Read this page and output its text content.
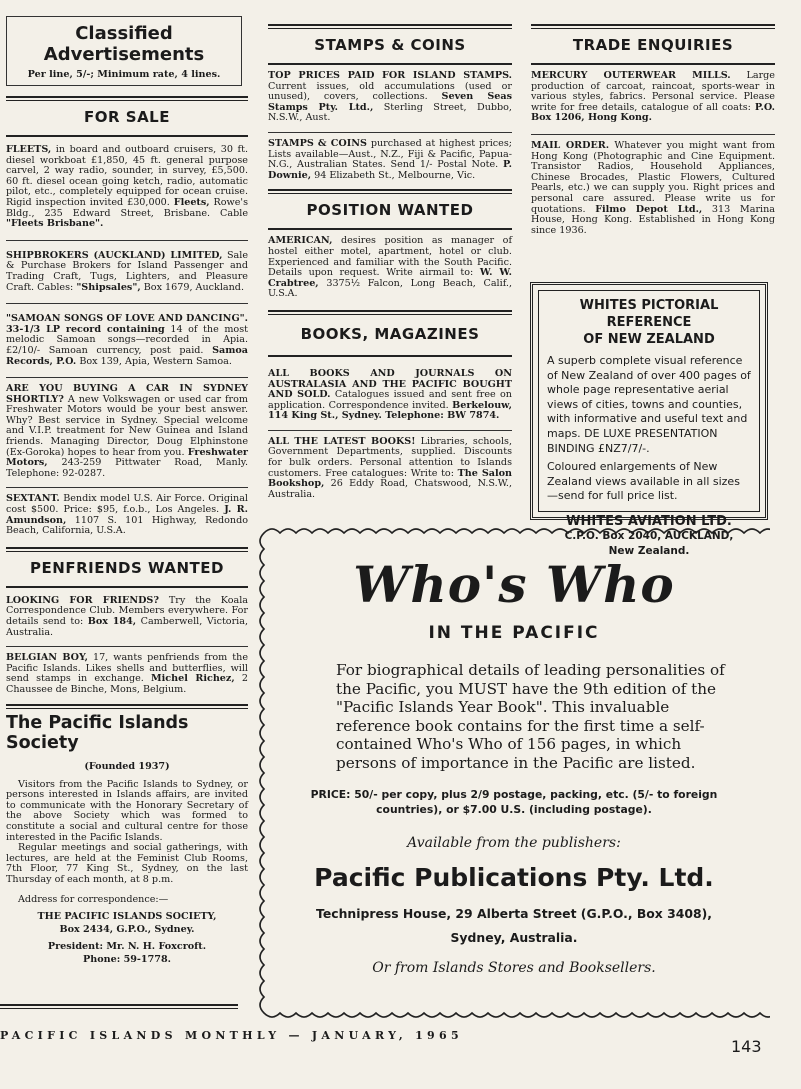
Classified Advertisements
Per line, 5/-; Minimum rate, 4 lines.
FOR SALE

FLEETS, in board and outboard cruisers, 30 ft. diesel workboat £1,850, 45 ft. general purpose carvel, 2 way radio, sounder, in survey, £5,500. 60 ft. diesel ocean going ketch, radio, automatic pilot, etc., completely equipped for ocean cruise. Rigid inspection invited £30,000. Fleets, Rowe's Bldg., 235 Edward Street, Brisbane. Cable "Fleets Brisbane".

SHIPBROKERS (AUCKLAND) LIMITED, Sale & Purchase Brokers for Island Passenger and Trading Craft, Tugs, Lighters, and Pleasure Craft. Cables: "Shipsales", Box 1679, Auckland.

"SAMOAN SONGS OF LOVE AND DANCING". 33-1/3 LP record containing 14 of the most melodic Samoan songs—recorded in Apia. £2/10/- Samoan currency, post paid. Samoa Records, P.O. Box 139, Apia, Western Samoa.

ARE YOU BUYING A CAR IN SYDNEY SHORTLY? A new Volkswagen or used car from Freshwater Motors would be your best answer. Why? Best service in Sydney. Special welcome and V.I.P. treatment for New Guinea and Island friends. Managing Director, Doug Elphinstone (Ex-Goroka) hopes to hear from you. Freshwater Motors, 243-259 Pittwater Road, Manly. Telephone: 92-0287.

SEXTANT. Bendix model U.S. Air Force. Original cost $500. Price: $95, f.o.b., Los Angeles. J. R. Amundson, 1107 S. 101 Highway, Redondo Beach, California, U.S.A.

PENFRIENDS WANTED

LOOKING FOR FRIENDS? Try the Koala Correspondence Club. Members everywhere. For details send to: Box 184, Camberwell, Victoria, Australia.

BELGIAN BOY, 17, wants penfriends from the Pacific Islands. Likes shells and butterflies, will send stamps in exchange. Michel Richez, 2 Chaussee de Binche, Mons, Belgium.

The Pacific Islands Society
(Founded 1937)

Visitors from the Pacific Islands to Sydney, or persons interested in Islands affairs, are invited to communicate with the Honorary Secretary of the above Society which was formed to constitute a social and cultural centre for those interested in the Pacific Islands.

Regular meetings and social gatherings, with lectures, are held at the Feminist Club Rooms, 7th Floor, 77 King St., Sydney, on the last Thursday of each month, at 8 p.m.

Address for correspondence:—

THE PACIFIC ISLANDS SOCIETY,

Box 2434, G.P.O., Sydney.

President: Mr. N. H. Foxcroft.

Phone: 59-1778.

STAMPS & COINS

TOP PRICES PAID FOR ISLAND STAMPS. Current issues, old accumulations (used or unused), covers, collections. Seven Seas Stamps Pty. Ltd., Sterling Street, Dubbo, N.S.W., Aust.

STAMPS & COINS purchased at highest prices; Lists available—Aust., N.Z., Fiji & Pacific, Papua-N.G., Australian States. Send 1/- Postal Note. P. Downie, 94 Elizabeth St., Melbourne, Vic.

POSITION WANTED

AMERICAN, desires position as manager of hostel either motel, apartment, hotel or club. Experienced and familiar with the South Pacific. Details upon request. Write airmail to: W. W. Crabtree, 3375½ Falcon, Long Beach, Calif., U.S.A.

BOOKS, MAGAZINES

ALL BOOKS AND JOURNALS ON AUSTRALASIA AND THE PACIFIC BOUGHT AND SOLD. Catalogues issued and sent free on application. Correspondence invited. Berkelouw, 114 King St., Sydney. Telephone: BW 7874.

ALL THE LATEST BOOKS! Libraries, schools, Government Departments, supplied. Discounts for bulk orders. Personal attention to Islands customers. Free catalogues: Write to: The Salon Bookshop, 26 Eddy Road, Chatswood, N.S.W., Australia.

TRADE ENQUIRIES

MERCURY OUTERWEAR MILLS. Large production of carcoat, raincoat, sports-wear in various styles, fabrics. Personal service. Please write for free details, catalogue of all coats: P.O. Box 1206, Hong Kong.

MAIL ORDER. Whatever you might want from Hong Kong (Photographic and Cine Equipment. Transistor Radios, Household Appliances, Chinese Brocades, Plastic Flowers, Cultured Pearls, etc.) we can supply you. Right prices and personal care assured. Please write us for quotations. Filmo Depot Ltd., 313 Marina House, Hong Kong. Established in Hong Kong since 1936.

WHITES PICTORIAL REFERENCE
OF NEW ZEALAND

A superb complete visual reference of New Zealand of over 400 pages of whole page representative aerial views of cities, towns and counties, with informative and useful text and maps. DE LUXE PRESENTATION BINDING £NZ7/7/-.

Coloured enlargements of New Zealand views available in all sizes —send for full price list.

WHITES AVIATION LTD.
C.P.O. Box 2040, AUCKLAND,
New Zealand.
Who's Who
IN THE PACIFIC

For biographical details of leading personalities of the Pacific, you MUST have the 9th edition of the "Pacific Islands Year Book". This invaluable reference book contains for the first time a self-contained Who's Who of 156 pages, in which persons of importance in the Pacific are listed.

PRICE: 50/- per copy, plus 2/9 postage, packing, etc. (5/- to foreign countries), or $7.00 U.S. (including postage).

Available from the publishers:

Pacific Publications Pty. Ltd.

Technipress House, 29 Alberta Street (G.P.O., Box 3408),

Sydney, Australia.

Or from Islands Stores and Booksellers.

PACIFIC ISLANDS MONTHLY — JANUARY, 1965
143
